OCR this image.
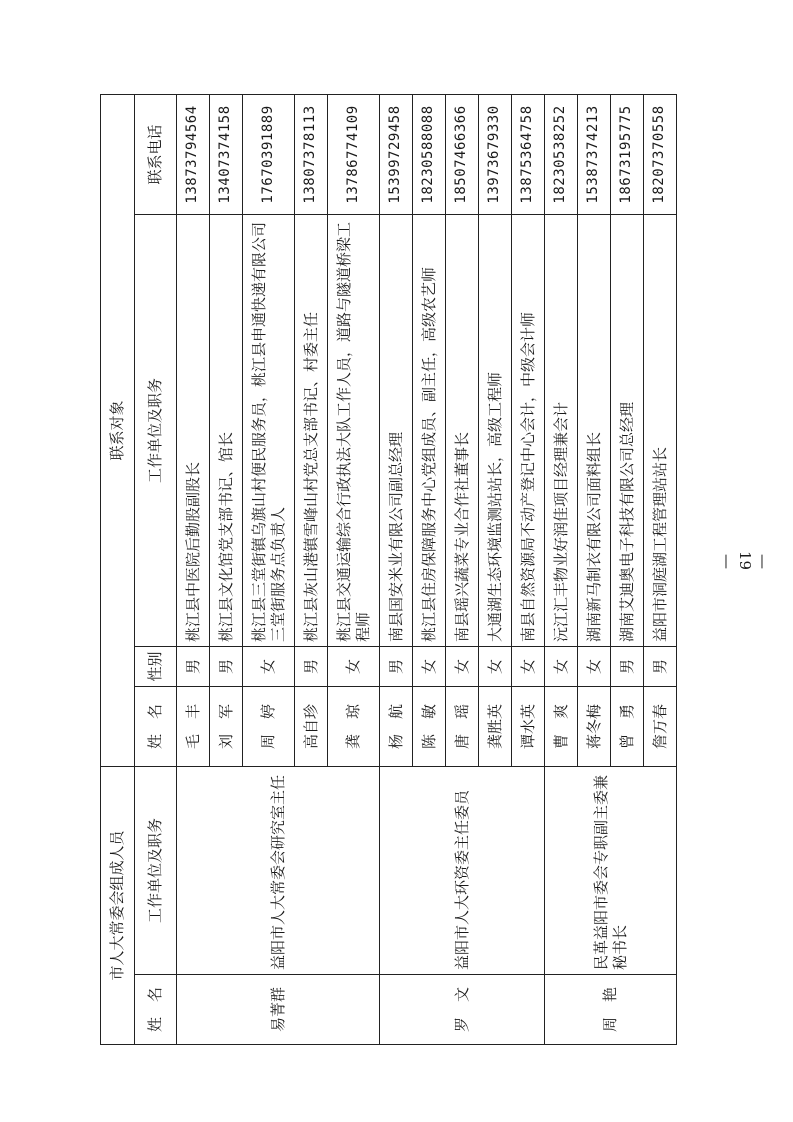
市人大常委会组成人员		联系对象			
姓　名	工作单位及职务	姓　名	性别	工作单位及职务	联系电话
易菁群	益阳市人大常委会研究室主任	毛　丰	男	桃江县中医院后勤股副股长	13873794564
		刘　军	男	桃江县文化馆党支部书记、馆长	13407374158
		周　婷	女	桃江县三堂街镇乌旗山村便民服务员，桃江县申通快递有限公司三堂街服务点负责人	17670391889
		高自珍	男	桃江县灰山港镇雪峰山村党总支部书记、村委主任	13807378113
		龚　琼	女	桃江县交通运输综合行政执法大队工作人员，道路与隧道桥梁工程师	13786774109
罗　文	益阳市人大环资委主任委员	杨　航	男	南县国安米业有限公司副总经理	15399729458
		陈　敏	女	桃江县住房保障服务中心党组成员、副主任，高级农艺师	18230588088
		唐　瑶	女	南县瑶兴蔬菜专业合作社董事长	18507466366
		龚胜英	女	大通湖生态环境监测站站长，高级工程师	13973679330
		谭水英	女	南县自然资源局不动产登记中心会计，中级会计师	13875364758
周　艳	民革益阳市委会专职副主委兼秘书长	曹　爽	女	沅江汇丰物业好润佳项目经理兼会计	18230538252
		蒋冬梅	女	湖南新马制衣有限公司面料组长	15387374213
		曾　勇	男	湖南艾迪奥电子科技有限公司总经理	18673195775
		詹万春	男	益阳市洞庭湖工程管理站站长	18207370558
— 19 —
